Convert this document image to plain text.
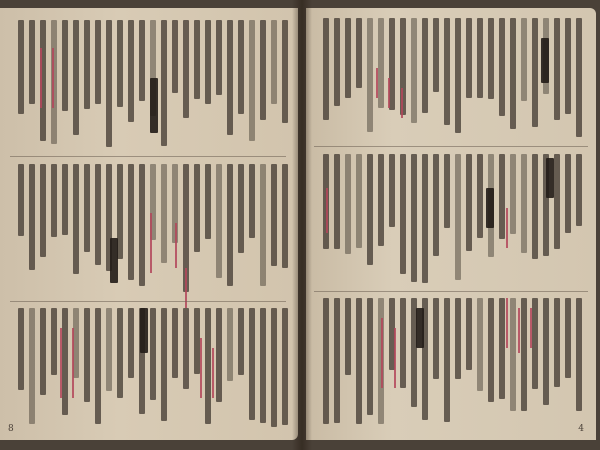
8	4
